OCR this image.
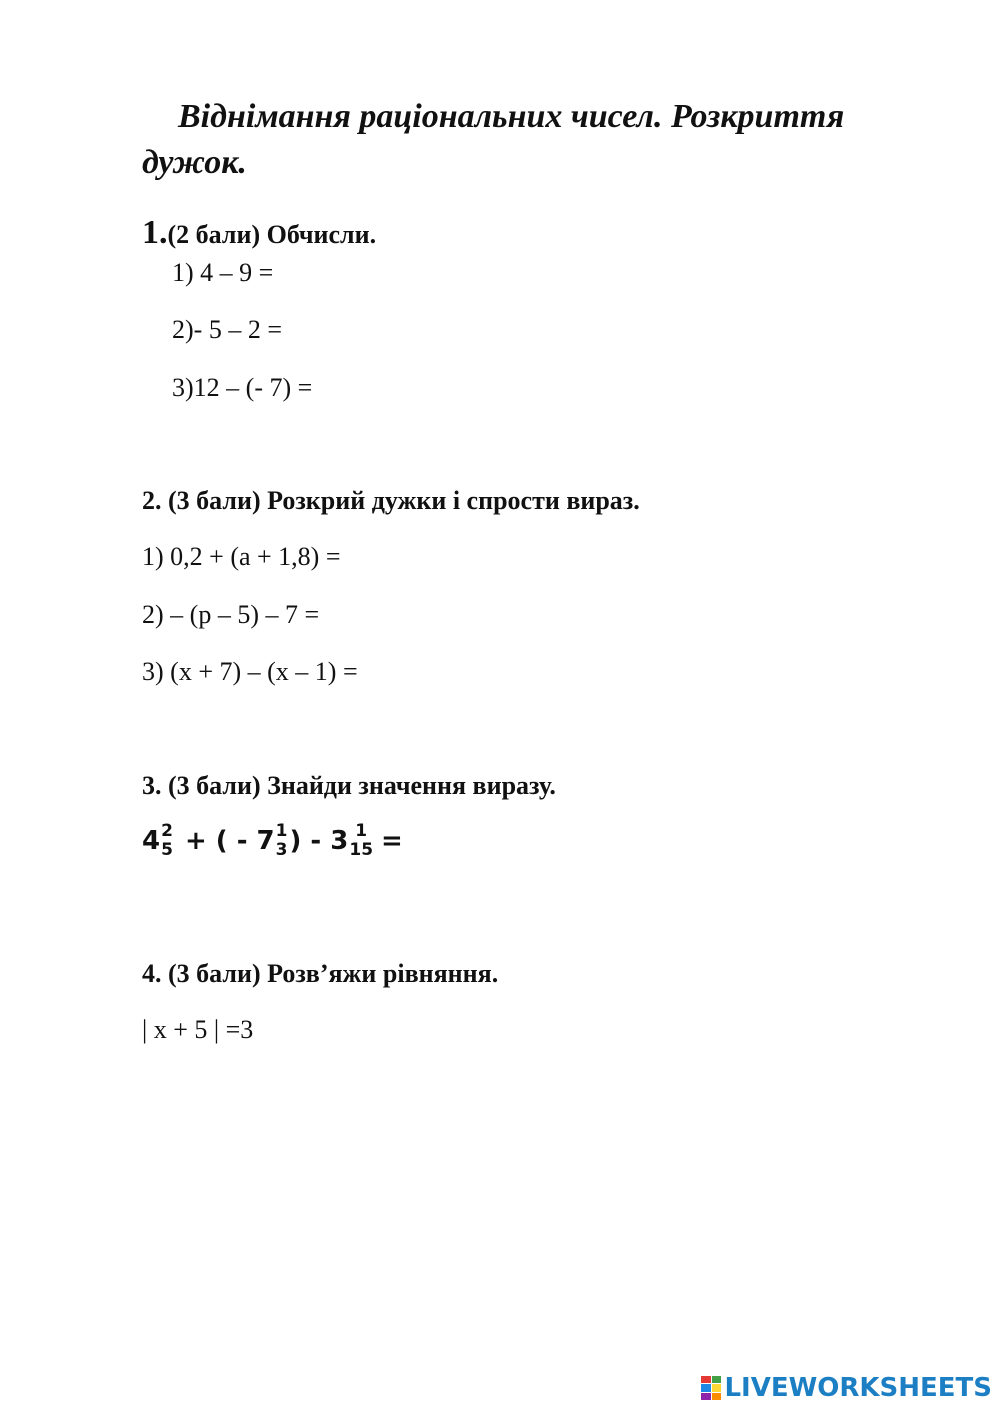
Віднімання раціональних чисел. Розкриття дужок.
1.(2 бали) Обчисли.
1) 4 – 9 =
2)- 5 – 2 =
3)12 – (- 7) =
2. (3 бали) Розкрий дужки і спрости вираз.
1) 0,2 + (a + 1,8) =
2) – (p – 5) – 7 =
3) (x + 7) – (x – 1) =
3. (3 бали) Знайди значення виразу.
4 2
5 + ( - 7 1
3 ) - 3 1
15 =
4. (3 бали) Розв’яжи рівняння.
| x + 5 | =3
LIVEWORKSHEETS
